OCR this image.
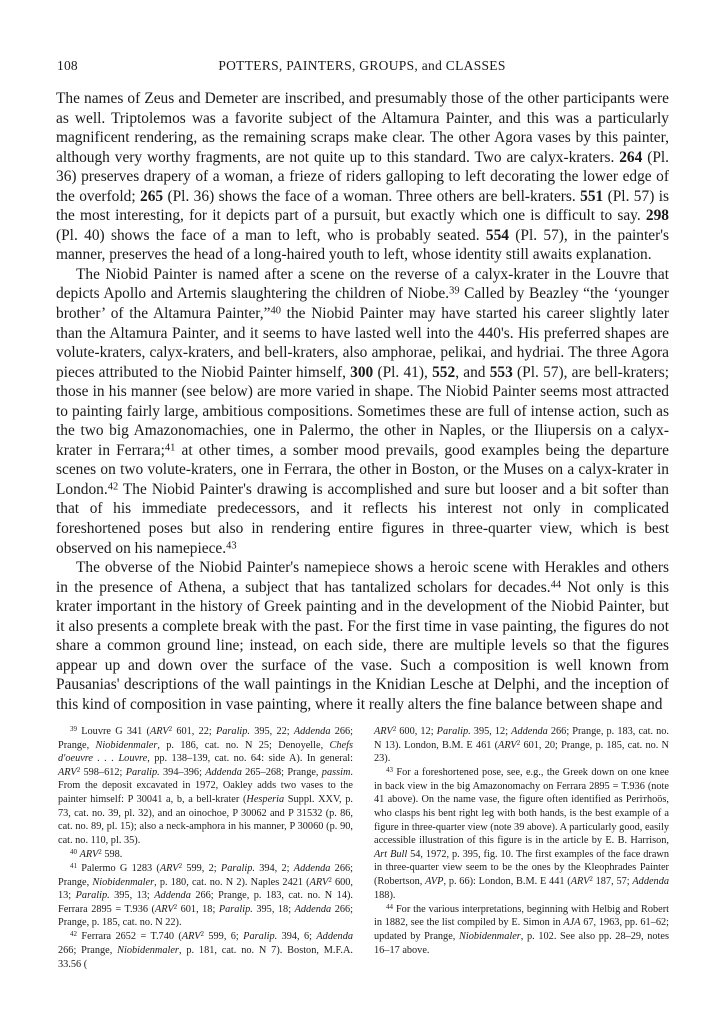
108	POTTERS, PAINTERS, GROUPS, and CLASSES

The names of Zeus and Demeter are inscribed, and presumably those of the other participants were as well. Triptolemos was a favorite subject of the Altamura Painter, and this was a particularly magnificent rendering, as the remaining scraps make clear. The other Agora vases by this painter, although very worthy fragments, are not quite up to this standard. Two are calyx-kraters. 264 (Pl. 36) preserves drapery of a woman, a frieze of riders galloping to left decorating the lower edge of the overfold; 265 (Pl. 36) shows the face of a woman. Three others are bell-kraters. 551 (Pl. 57) is the most interesting, for it depicts part of a pursuit, but exactly which one is difficult to say. 298 (Pl. 40) shows the face of a man to left, who is probably seated. 554 (Pl. 57), in the painter's manner, preserves the head of a long-haired youth to left, whose identity still awaits explanation.

The Niobid Painter is named after a scene on the reverse of a calyx-krater in the Louvre that depicts Apollo and Artemis slaughtering the children of Niobe.$^{39}$ Called by Beazley “the ‘younger brother’ of the Altamura Painter,”$^{40}$ the Niobid Painter may have started his career slightly later than the Altamura Painter, and it seems to have lasted well into the 440's. His preferred shapes are volute-kraters, calyx-kraters, and bell-kraters, also amphorae, pelikai, and hydriai. The three Agora pieces attributed to the Niobid Painter himself, 300 (Pl. 41), 552, and 553 (Pl. 57), are bell-kraters; those in his manner (see below) are more varied in shape. The Niobid Painter seems most attracted to painting fairly large, ambitious compositions. Sometimes these are full of intense action, such as the two big Amazonomachies, one in Palermo, the other in Naples, or the Iliupersis on a calyx-krater in Ferrara;$^{41}$ at other times, a somber mood prevails, good examples being the departure scenes on two volute-kraters, one in Ferrara, the other in Boston, or the Muses on a calyx-krater in London.$^{42}$ The Niobid Painter's drawing is accomplished and sure but looser and a bit softer than that of his immediate predecessors, and it reflects his interest not only in complicated foreshortened poses but also in rendering entire figures in three-quarter view, which is best observed on his namepiece.$^{43}$

The obverse of the Niobid Painter's namepiece shows a heroic scene with Herakles and others in the presence of Athena, a subject that has tantalized scholars for decades.$^{44}$ Not only is this krater important in the history of Greek painting and in the development of the Niobid Painter, but it also presents a complete break with the past. For the first time in vase painting, the figures do not share a common ground line; instead, on each side, there are multiple levels so that the figures appear up and down over the surface of the vase. Such a composition is well known from Pausanias' descriptions of the wall paintings in the Knidian Lesche at Delphi, and the inception of this kind of composition in vase painting, where it really alters the fine balance between shape and

$^{39}$ Louvre G 341 (ARV$^2$ 601, 22; Paralip. 395, 22; Addenda 266; Prange, Niobidenmaler, p. 186, cat. no. N 25; Denoyelle, Chefs d'oeuvre . . . Louvre, pp. 138–139, cat. no. 64: side A). In general: ARV$^2$ 598–612; Paralip. 394–396; Addenda 265–268; Prange, passim. From the deposit excavated in 1972, Oakley adds two vases to the painter himself: P 30041 a, b, a bell-krater (Hesperia Suppl. XXV, p. 73, cat. no. 39, pl. 32), and an oinochoe, P 30062 and P 31532 (p. 86, cat. no. 89, pl. 15); also a neck-amphora in his manner, P 30060 (p. 90, cat. no. 110, pl. 35).

$^{40}$ ARV$^2$ 598.

$^{41}$ Palermo G 1283 (ARV$^2$ 599, 2; Paralip. 394, 2; Addenda 266; Prange, Niobidenmaler, p. 180, cat. no. N 2). Naples 2421 (ARV$^2$ 600, 13; Paralip. 395, 13; Addenda 266; Prange, p. 183, cat. no. N 14). Ferrara 2895 = T.936 (ARV$^2$ 601, 18; Paralip. 395, 18; Addenda 266; Prange, p. 185, cat. no. N 22).

$^{42}$ Ferrara 2652 = T.740 (ARV$^2$ 599, 6; Paralip. 394, 6; Addenda 266; Prange, Niobidenmaler, p. 181, cat. no. N 7). Boston, M.F.A. 33.56 (

ARV$^2$ 600, 12; Paralip. 395, 12; Addenda 266; Prange, p. 183, cat. no. N 13). London, B.M. E 461 (ARV$^2$ 601, 20; Prange, p. 185, cat. no. N 23).

$^{43}$ For a foreshortened pose, see, e.g., the Greek down on one knee in back view in the big Amazonomachy on Ferrara 2895 = T.936 (note 41 above). On the name vase, the figure often identified as Perітhoös, who clasps his bent right leg with both hands, is the best example of a figure in three-quarter view (note 39 above). A particularly good, easily accessible illustration of this figure is in the article by E. B. Harrison, Art Bull 54, 1972, p. 395, fig. 10. The first examples of the face drawn in three-quarter view seem to be the ones by the Kleophrades Painter (Robertson, AVP, p. 66): London, B.M. E 441 (ARV$^2$ 187, 57; Addenda 188).

$^{44}$ For the various interpretations, beginning with Helbig and Robert in 1882, see the list compiled by E. Simon in AJA 67, 1963, pp. 61–62; updated by Prange, Niobidenmaler, p. 102. See also pp. 28–29, notes 16–17 above.
